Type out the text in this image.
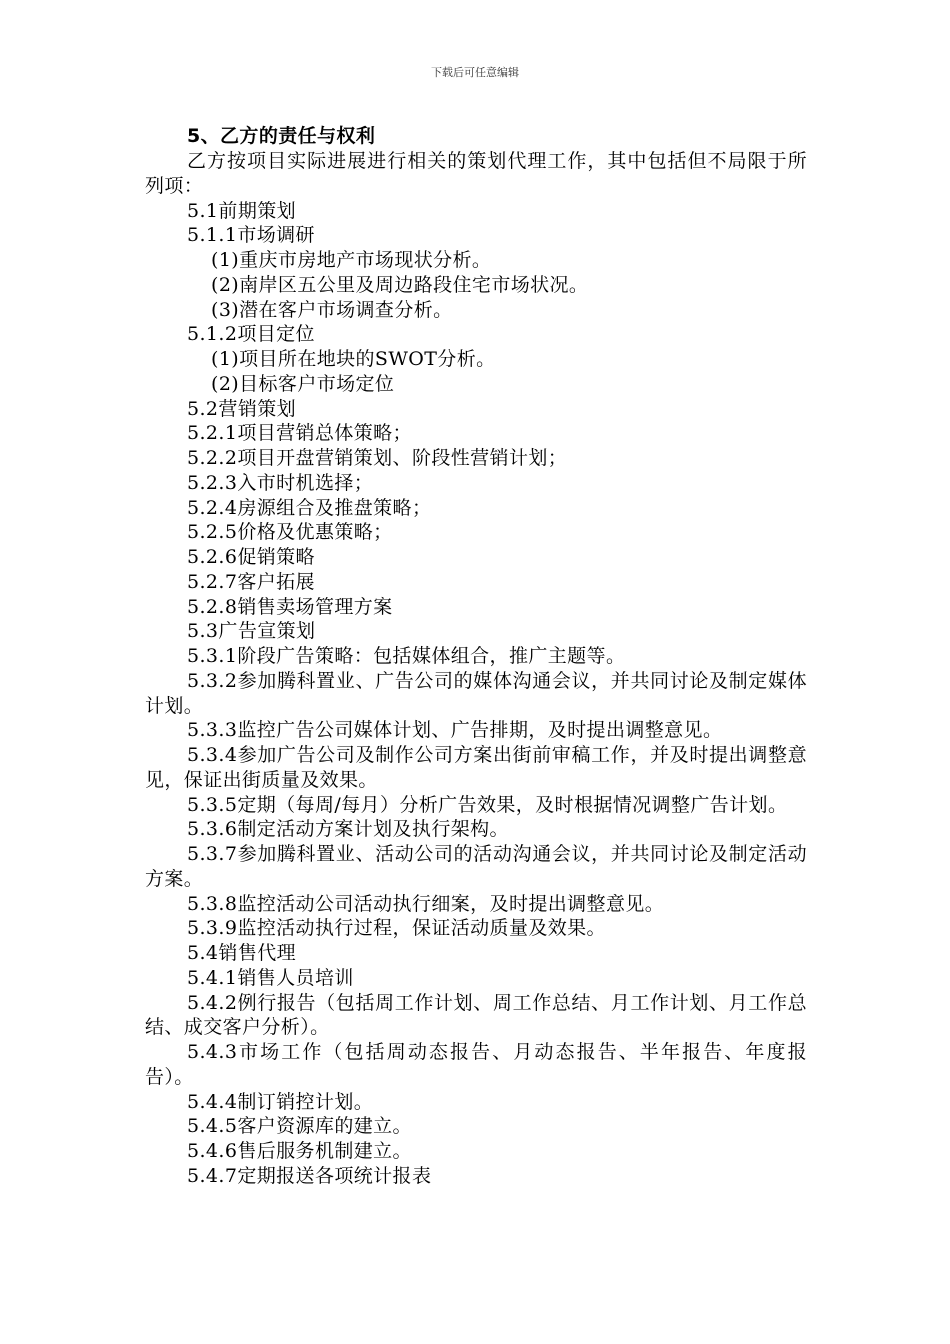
下载后可任意编辑
5、乙方的责任与权利
乙方按项目实际进展进行相关的策划代理工作，其中包括但不局限于所列项：
5.1前期策划
5.1.1市场调研
(1)重庆市房地产市场现状分析。
(2)南岸区五公里及周边路段住宅市场状况。
(3)潜在客户市场调查分析。
5.1.2项目定位
(1)项目所在地块的SWOT分析。
(2)目标客户市场定位
5.2营销策划
5.2.1项目营销总体策略；
5.2.2项目开盘营销策划、阶段性营销计划；
5.2.3入市时机选择；
5.2.4房源组合及推盘策略；
5.2.5价格及优惠策略；
5.2.6促销策略
5.2.7客户拓展
5.2.8销售卖场管理方案
5.3广告宣策划
5.3.1阶段广告策略：包括媒体组合，推广主题等。
5.3.2参加腾科置业、广告公司的媒体沟通会议，并共同讨论及制定媒体计划。
5.3.3监控广告公司媒体计划、广告排期，及时提出调整意见。
5.3.4参加广告公司及制作公司方案出街前审稿工作，并及时提出调整意见，保证出街质量及效果。
5.3.5定期（每周/每月）分析广告效果，及时根据情况调整广告计划。
5.3.6制定活动方案计划及执行架构。
5.3.7参加腾科置业、活动公司的活动沟通会议，并共同讨论及制定活动方案。
5.3.8监控活动公司活动执行细案，及时提出调整意见。
5.3.9监控活动执行过程，保证活动质量及效果。
5.4销售代理
5.4.1销售人员培训
5.4.2例行报告（包括周工作计划、周工作总结、月工作计划、月工作总结、成交客户分析）。
5.4.3市场工作（包括周动态报告、月动态报告、半年报告、年度报告）。
5.4.4制订销控计划。
5.4.5客户资源库的建立。
5.4.6售后服务机制建立。
5.4.7定期报送各项统计报表
